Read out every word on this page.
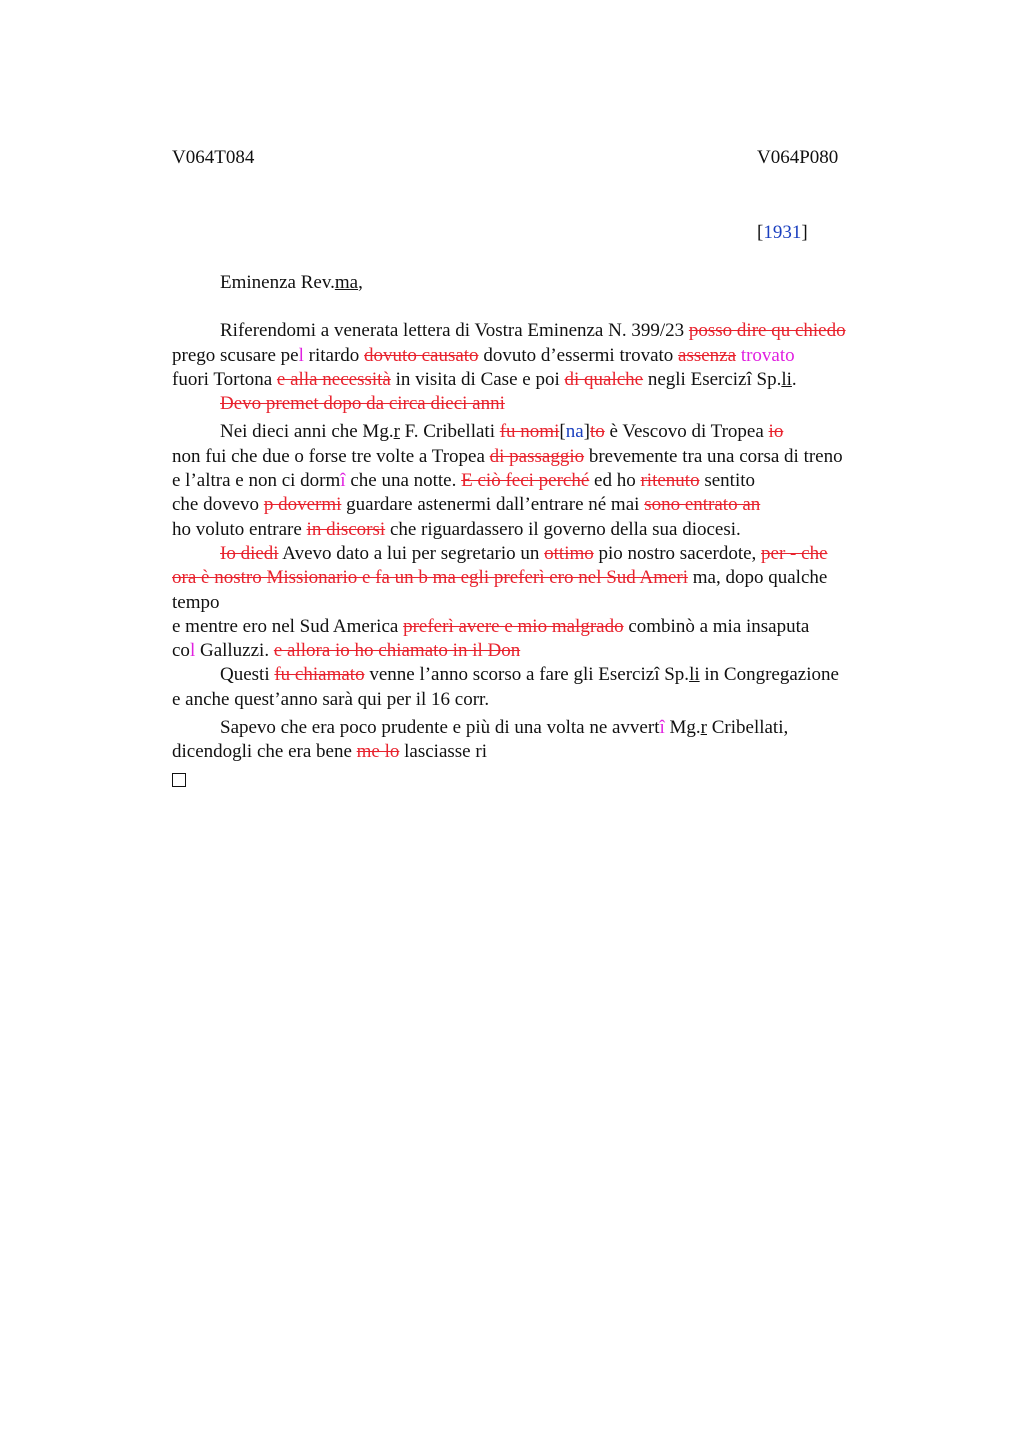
V064T084	V064P080
[1931]
Eminenza Rev.ma,
Riferendomi a venerata lettera di Vostra Eminenza N. 399/23 posso dire qu chiedo
prego scusare pel ritardo dovuto causato dovuto d’essermi trovato assenza trovato
fuori Tortona e alla necessità in visita di Case e poi di qualche negli Esercizi Sp.li.
Devo premet dopo da circa dieci anni
Nei dieci anni che Mg.r F. Cribellati fu nomi[na]to è Vescovo di Tropea io
non fui che due o forse tre volte a Tropea di passaggio brevemente tra una corsa di treno
e l’altra e non ci dormî che una notte. E ciò feci perché ed ho ritenuto sentito
che dovevo p dovermi guardare astenermi dall’entrare né mai sono entrato an
ho voluto entrare in discorsi che riguardassero il governo della sua diocesi.
Io diedi Avevo dato a lui per segretario un ottimo pio nostro sacerdote, per - che
ora è nostro Missionario e fa un b ma egli preferì ero nel Sud Ameri ma, dopo qualche
tempo
e mentre ero nel Sud America preferì avere e mio malgrado combinò a mia insaputa
col Galluzzi. e allora io ho chiamato in il Don
Questi fu chiamato venne l’anno scorso a fare gli Esercizi Sp.li in Congregazione
e anche quest’anno sarà qui per il 16 corr.
Sapevo che era poco prudente e più di una volta ne avvertî Mg.r Cribellati,
dicendogli che era bene me lo lasciasse ri
